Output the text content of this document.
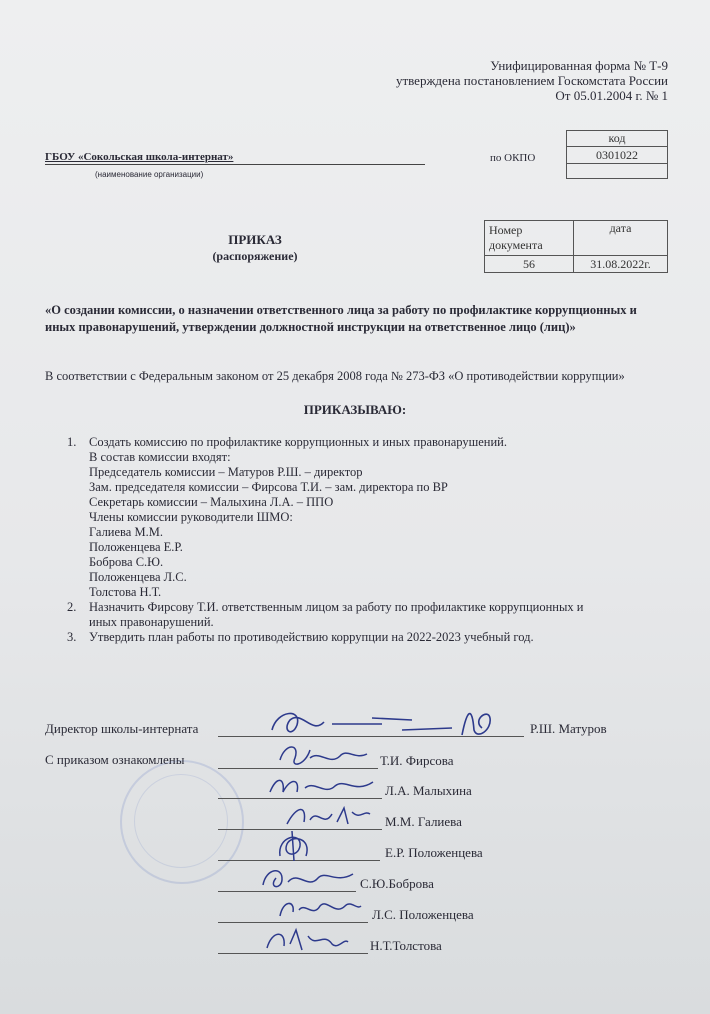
Унифицированная форма № Т-9
утверждена постановлением Госкомстата России
От 05.01.2004 г. № 1
ГБОУ «Сокольская школа-интернат»
(наименование организации)
по ОКПО
код
0301022

Номер документа	дата
56	31.08.2022г.
ПРИКАЗ
(распоряжение)
«О создании комиссии, о назначении ответственного лица за работу по профилактике коррупционных и иных правонарушений, утверждении должностной инструкции на ответственное лицо (лиц)»
В соответствии с Федеральным законом от 25 декабря 2008 года № 273-ФЗ «О противодействии коррупции»
ПРИКАЗЫВАЮ:
1. Создать комиссию по профилактике коррупционных и иных правонарушений.
В состав комиссии входят:
Председатель комиссии – Матуров Р.Ш. – директор
Зам. председателя комиссии – Фирсова Т.И. – зам. директора по ВР
Секретарь комиссии – Малыхина Л.А. – ППО
Члены комиссии руководители ШМО:
Галиева М.М.
Положенцева Е.Р.
Боброва С.Ю.
Положенцева Л.С.
Толстова Н.Т.
2. Назначить Фирсову Т.И. ответственным лицом за работу по профилактике коррупционных и
иных правонарушений.
3. Утвердить план работы по противодействию коррупции на 2022-2023 учебный год.
Директор школы-интерната	Р.Ш. Матуров
С приказом ознакомлены	Т.И. Фирсова
Л.А. Малыхина
М.М. Галиева
Е.Р. Положенцева
С.Ю.Боброва
Л.С. Положенцева
Н.Т.Толстова
